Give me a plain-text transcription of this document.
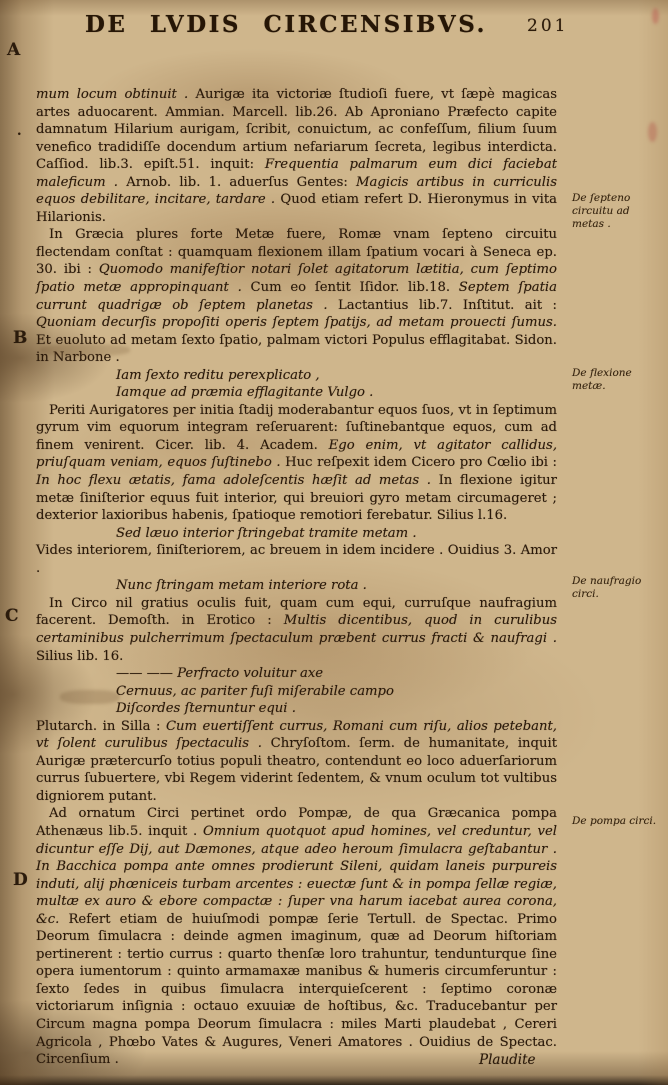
DE LVDIS CIRCENSIBVS.	201
A
.
B
C
D
De ſepteno circuitu ad metas .
De flexione metæ.
De naufragio circi.
De pompa circi.
mum locum obtinuit . Aurigæ ita victoriæ ſtudioſi fuere, vt ſæpè magicas artes aduocarent. Ammian. Marcell. lib.26. Ab Aproniano Præfecto capite damnatum Hilarium aurigam, ſcribit, conuictum, ac confeſſum, filium ſuum venefico tradidiſſe docendum artium nefariarum ſecreta, legibus interdicta. Caſſiod. lib.3. epiſt.51. inquit: Frequentia palmarum eum dici faciebat maleficum . Arnob. lib. 1. aduerſus Gentes: Magicis artibus in curriculis equos debilitare, incitare, tardare . Quod etiam refert D. Hieronymus in vita Hilarionis.
In Græcia plures forte Metæ fuere, Romæ vnam ſepteno circuitu flectendam conſtat : quamquam flexionem illam ſpatium vocari à Seneca ep. 30. ibi : Quomodo manifeſtior notari ſolet agitatorum lætitia, cum ſeptimo ſpatio metæ appropinquant . Cum eo ſentit Iſidor. lib.18. Septem ſpatia currunt quadrigæ ob ſeptem planetas . Lactantius lib.7. Inſtitut. ait : Quoniam decurſis propoſiti operis ſeptem ſpatijs, ad metam prouecti ſumus. Et euoluto ad metam ſexto ſpatio, palmam victori Populus efflagitabat. Sidon. in Narbone .
Iam ſexto reditu perexplicato ,
Iamque ad præmia efflagitante Vulgo .
Periti Aurigatores per initia ſtadij moderabantur equos ſuos, vt in ſeptimum gyrum vim equorum integram reſeruarent: ſuſtinebantque equos, cum ad finem venirent. Cicer. lib. 4. Academ. Ego enim, vt agitator callidus, priuſquam veniam, equos ſuſtinebo . Huc reſpexit idem Cicero pro Cœlio ibi : In hoc flexu ætatis, fama adoleſcentis hæſit ad metas . In flexione igitur metæ ſiniſterior equus fuit interior, qui breuiori gyro metam circumageret ; dexterior laxioribus habenis, ſpatioque remotiori ferebatur. Silius l.16.
Sed læuo interior ſtringebat tramite metam .
Vides interiorem, ſiniſteriorem, ac breuem in idem incidere . Ouidius 3. Amor .
Nunc ſtringam metam interiore rota .
In Circo nil gratius oculis fuit, quam cum equi, curruſque naufragium facerent. Demoſth. in Erotico : Multis dicentibus, quod in curulibus certaminibus pulcherrimum ſpectaculum præbent currus fracti & naufragi . Silius lib. 16.
—— —— Perfracto voluitur axe
Cernuus, ac pariter fuſi miſerabile campo
Diſcordes ſternuntur equi .
Plutarch. in Silla : Cum euertiſſent currus, Romani cum riſu, alios petebant, vt ſolent curulibus ſpectaculis . Chryſoſtom. ſerm. de humanitate, inquit Aurigæ prætercurſo totius populi theatro, contendunt eo loco aduerſariorum currus ſubuertere, vbi Regem viderint ſedentem, & vnum oculum tot vultibus digniorem putant.
Ad ornatum Circi pertinet ordo Pompæ, de qua Græcanica pompa Athenæus lib.5. inquit . Omnium quotquot apud homines, vel creduntur, vel dicuntur eſſe Dij, aut Dæmones, atque adeo heroum ſimulacra geſtabantur . In Bacchica pompa ante omnes prodierunt Sileni, quidam laneis purpureis induti, alij phœniceis turbam arcentes : euectæ ſunt & in pompa ſellæ regiæ, multæ ex auro & ebore compactæ : ſuper vna harum iacebat aurea corona, &c. Refert etiam de huiuſmodi pompæ ſerie Tertull. de Spectac. Primo Deorum ſimulacra : deinde agmen imaginum, quæ ad Deorum hiſtoriam pertinerent : tertio currus : quarto thenſæ loro trahuntur, tendunturque ſine opera iumentorum : quinto armamaxæ manibus & humeris circumferuntur : ſexto ſedes in quibus ſimulacra interquieſcerent : ſeptimo coronæ victoriarum inſignia : octauo exuuiæ de hoſtibus, &c. Traducebantur per Circum magna pompa Deorum ſimulacra : miles Marti plaudebat , Cereri Agricola , Phœbo Vates & Augures, Veneri Amatores . Ouidius de Spectac. Circenſium .	Plaudite
